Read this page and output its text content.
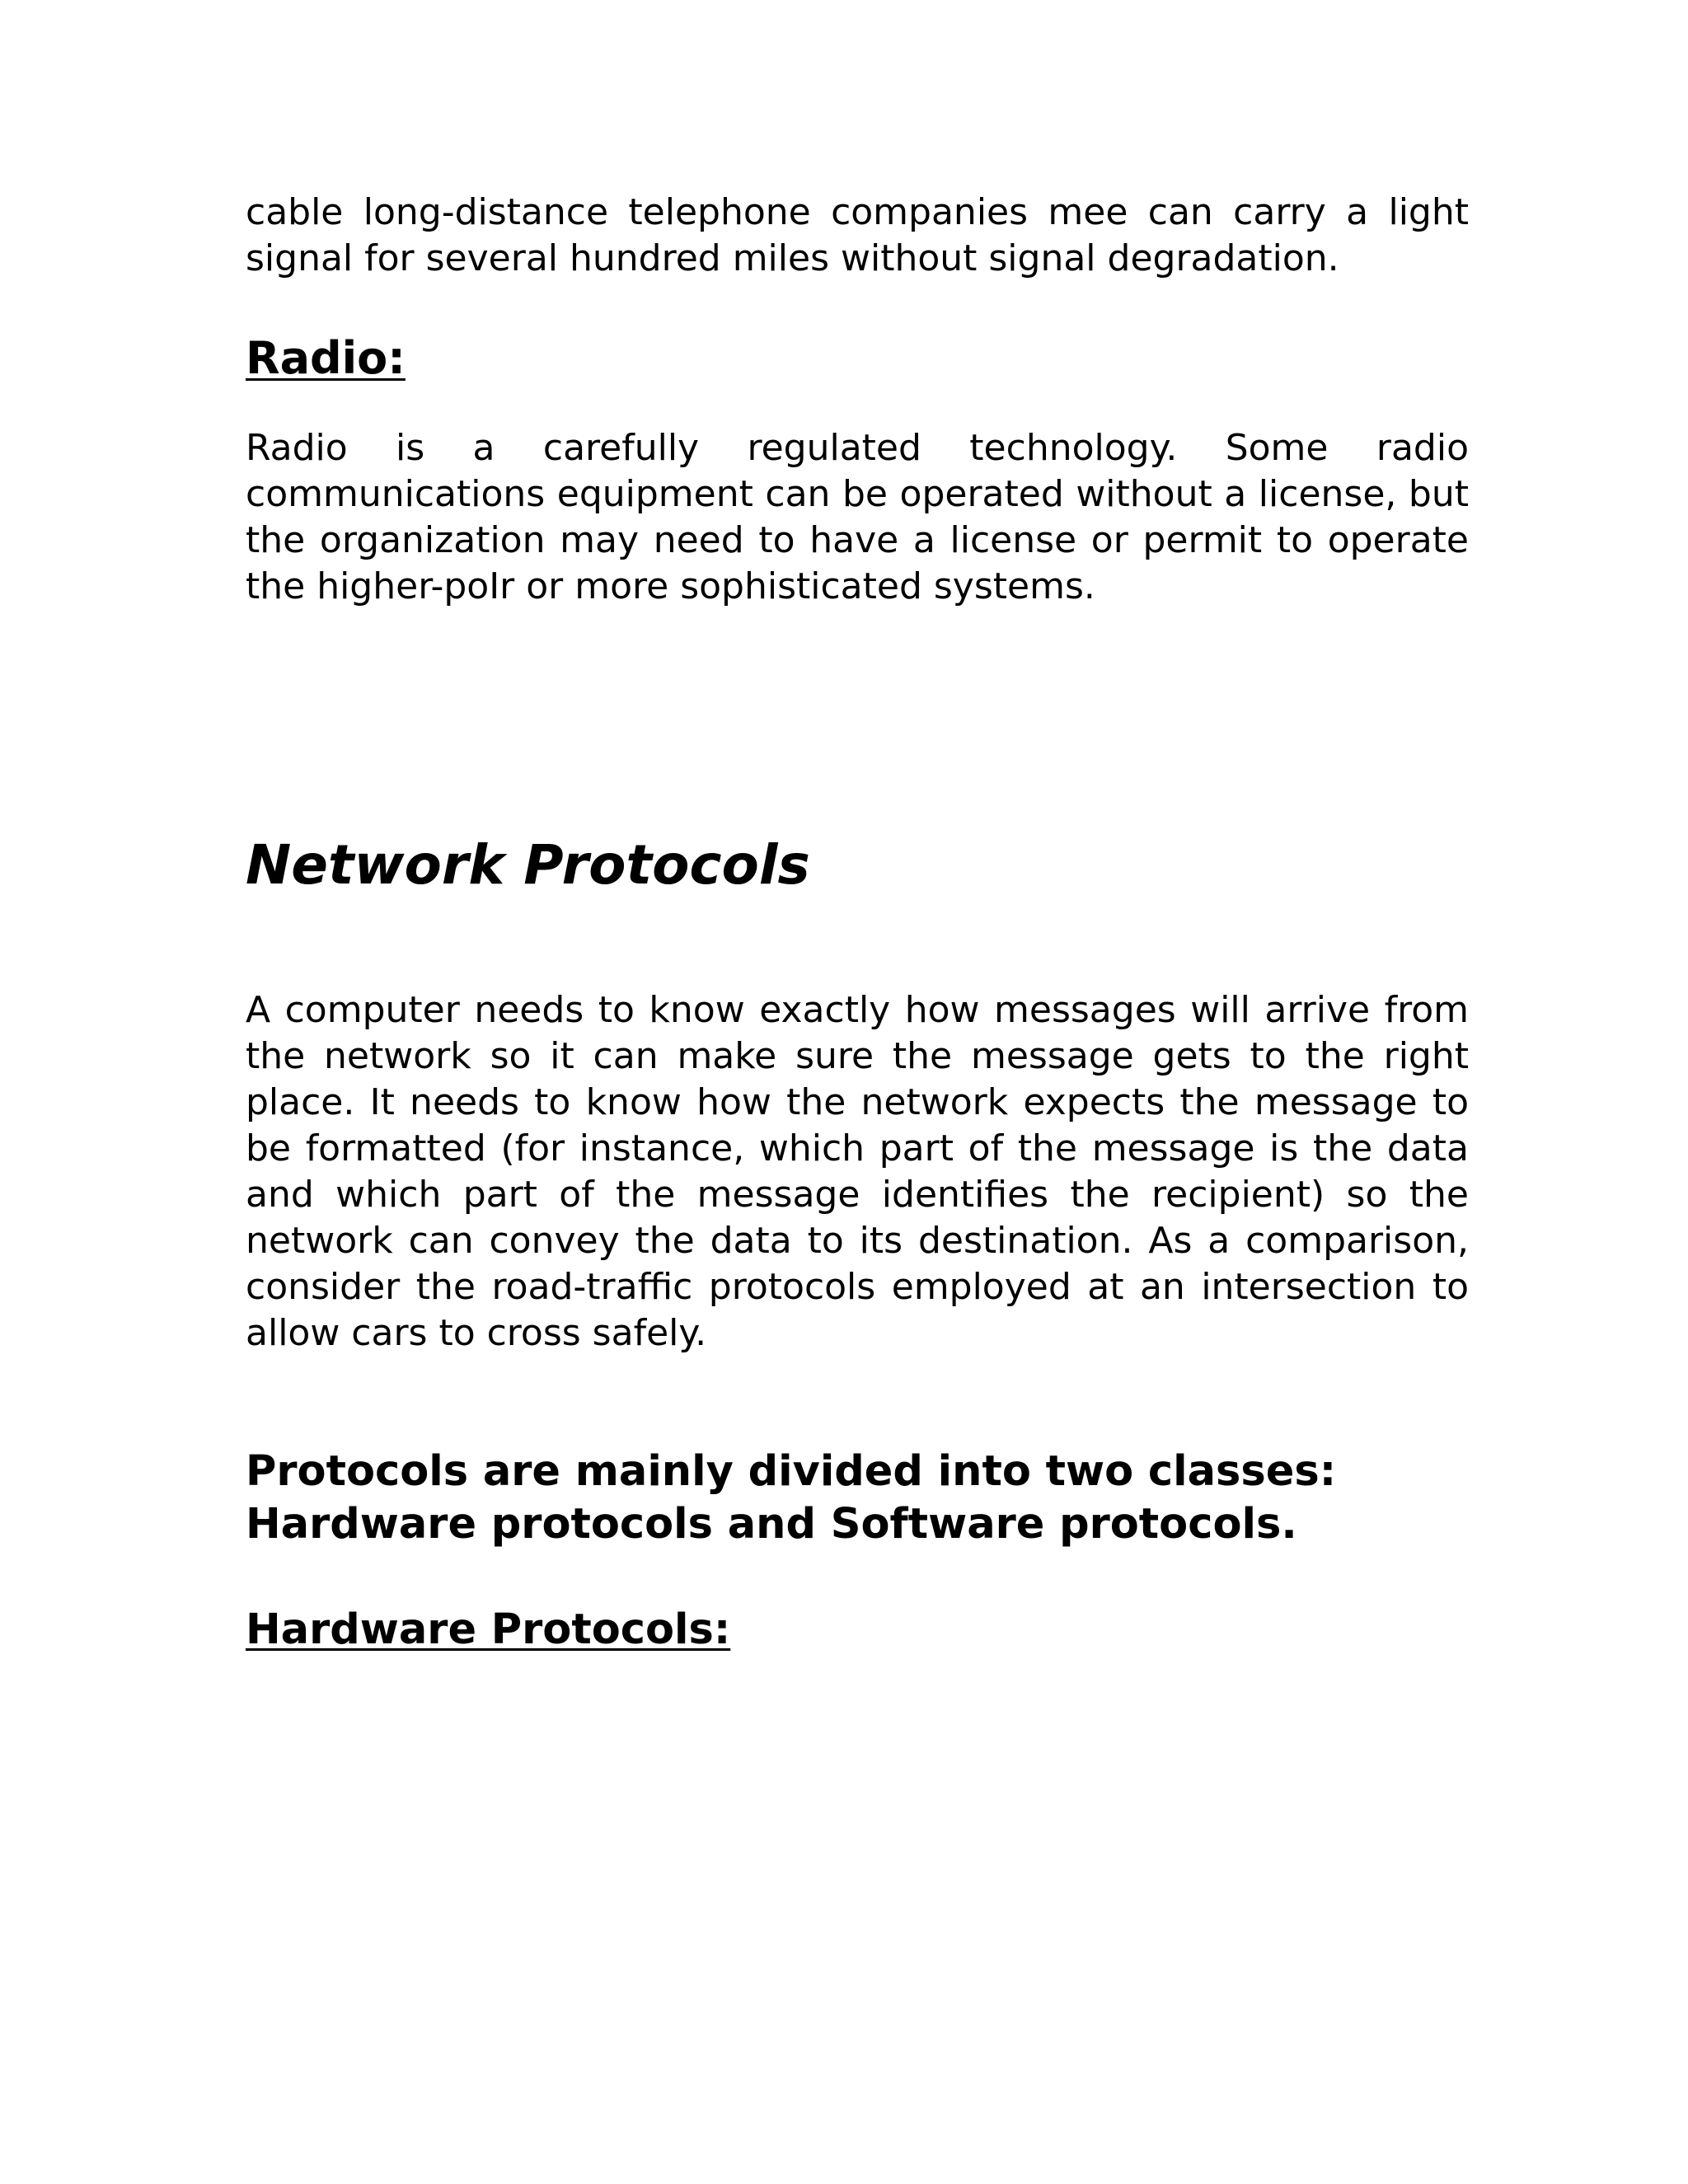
cable long-distance telephone companies mee can carry a light signal for several hundred miles without signal degradation.

Radio:

Radio is a carefully regulated technology. Some radio communications equipment can be operated without a license, but the organization may need to have a license or permit to operate the higher-poIr or more sophisticated systems.

Network Protocols

A computer needs to know exactly how messages will arrive from the network so it can make sure the message gets to the right place. It needs to know how the network expects the message to be formatted (for instance, which part of the message is the data and which part of the message identifies the recipient) so the network can convey the data to its destination. As a comparison, consider the road-traffic protocols employed at an intersection to allow cars to cross safely.

Protocols are mainly divided into two classes:
Hardware protocols and Software protocols.
Hardware Protocols:
